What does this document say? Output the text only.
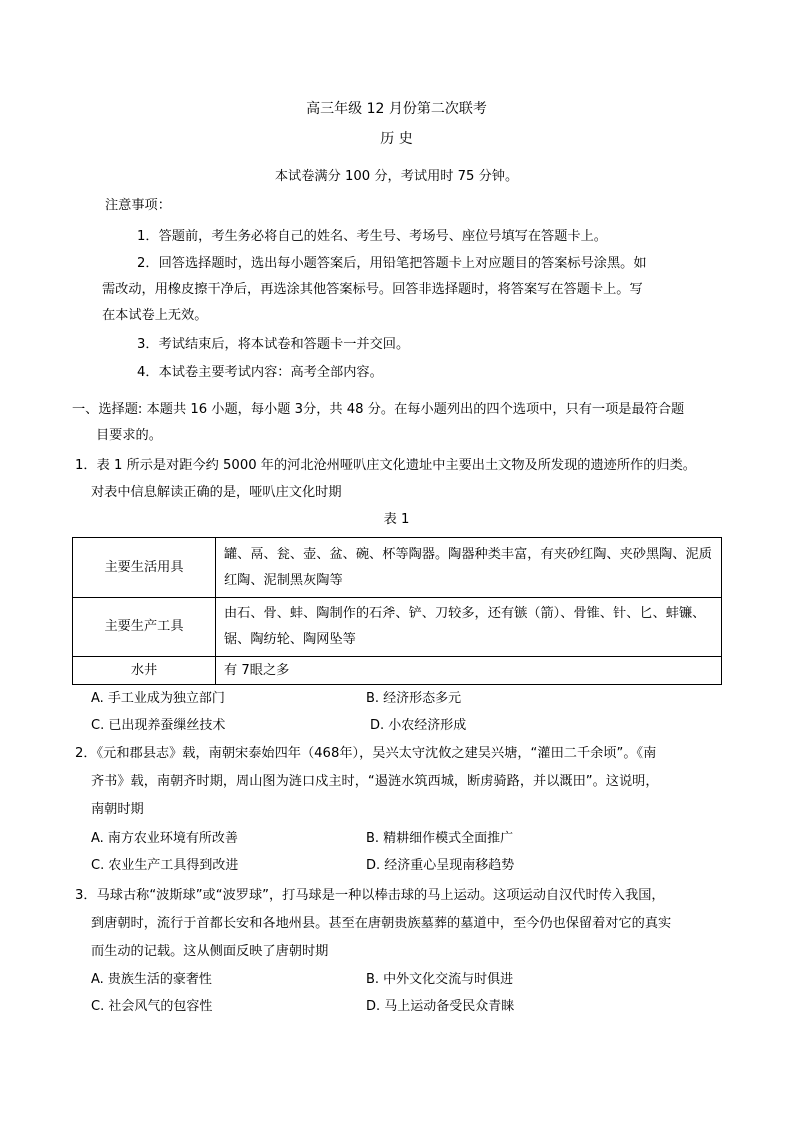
高三年级 12 月份第二次联考
历 史
本试卷满分 100 分，考试用时 75 分钟。
注意事项：
1．答题前，考生务必将自己的姓名、考生号、考场号、座位号填写在答题卡上。
2．回答选择题时，选出每小题答案后，用铅笔把答题卡上对应题目的答案标号涂黑。如
需改动，用橡皮擦干净后，再选涂其他答案标号。回答非选择题时，将答案写在答题卡上。写
在本试卷上无效。
3．考试结束后，将本试卷和答题卡一并交回。
4．本试卷主要考试内容：高考全部内容。
一、选择题: 本题共 16 小题，每小题 3分，共 48 分。在每小题列出的四个选项中，只有一项是最符合题
目要求的。
1．表 1 所示是对距今约 5000 年的河北沧州哑叭庄文化遗址中主要出土文物及所发现的遗迹所作的归类。
对表中信息解读正确的是，哑叭庄文化时期
表 1
主要生活用具	罐、鬲、瓮、壶、盆、碗、杯等陶器。陶器种类丰富，有夹砂红陶、夹砂黑陶、泥质红陶、泥制黑灰陶等
主要生产工具	由石、骨、蚌、陶制作的石斧、铲、刀较多，还有镞（箭）、骨锥、针、匕、蚌镰、锯、陶纺轮、陶网坠等
水井	有 7眼之多
A. 手工业成为独立部门	B. 经济形态多元
C. 已出现养蚕缫丝技术	D. 小农经济形成
2．《元和郡县志》载，南朝宋泰始四年（468年），吴兴太守沈攸之建吴兴塘，“灌田二千余顷”。《南
齐书》载，南朝齐时期，周山图为涟口戍主时，“遏涟水筑西城，断虏骑路，并以溉田”。这说明，
南朝时期
A. 南方农业环境有所改善	B. 精耕细作模式全面推广
C. 农业生产工具得到改进	D. 经济重心呈现南移趋势
3．马球古称“波斯球”或“波罗球”，打马球是一种以棒击球的马上运动。这项运动自汉代时传入我国，
到唐朝时，流行于首都长安和各地州县。甚至在唐朝贵族墓葬的墓道中，至今仍也保留着对它的真实
而生动的记载。这从侧面反映了唐朝时期
A. 贵族生活的豪奢性	B. 中外文化交流与时俱进
C. 社会风气的包容性	D. 马上运动备受民众青睐
